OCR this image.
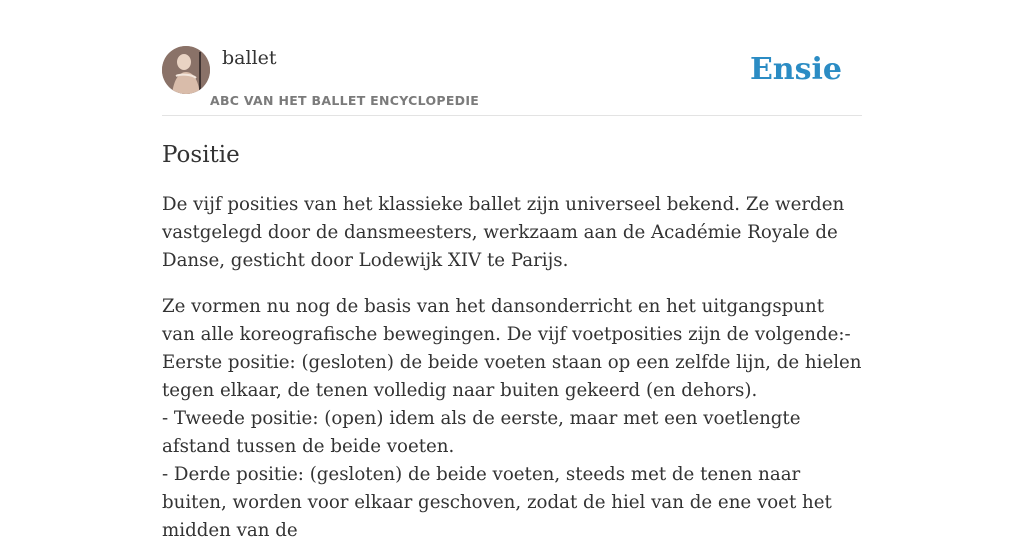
ballet
ABC VAN HET BALLET ENCYCLOPEDIE
Ensie
Positie

De vijf posities van het klassieke ballet zijn universeel bekend. Ze werden vastgelegd door de dansmeesters, werkzaam aan de Académie Royale de Danse, gesticht door Lodewijk XIV te Parijs.

Ze vormen nu nog de basis van het dansonderricht en het uitgangspunt van alle koreografische bewegingen. De vijf voetposities zijn de volgende:- Eerste positie: (gesloten) de beide voeten staan op een zelfde lijn, de hielen tegen elkaar, de tenen volledig naar buiten gekeerd (en dehors).
- Tweede positie: (open) idem als de eerste, maar met een voetlengte afstand tussen de beide voeten.
- Derde positie: (gesloten) de beide voeten, steeds met de tenen naar buiten, worden voor elkaar geschoven, zodat de hiel van de ene voet het midden van de
